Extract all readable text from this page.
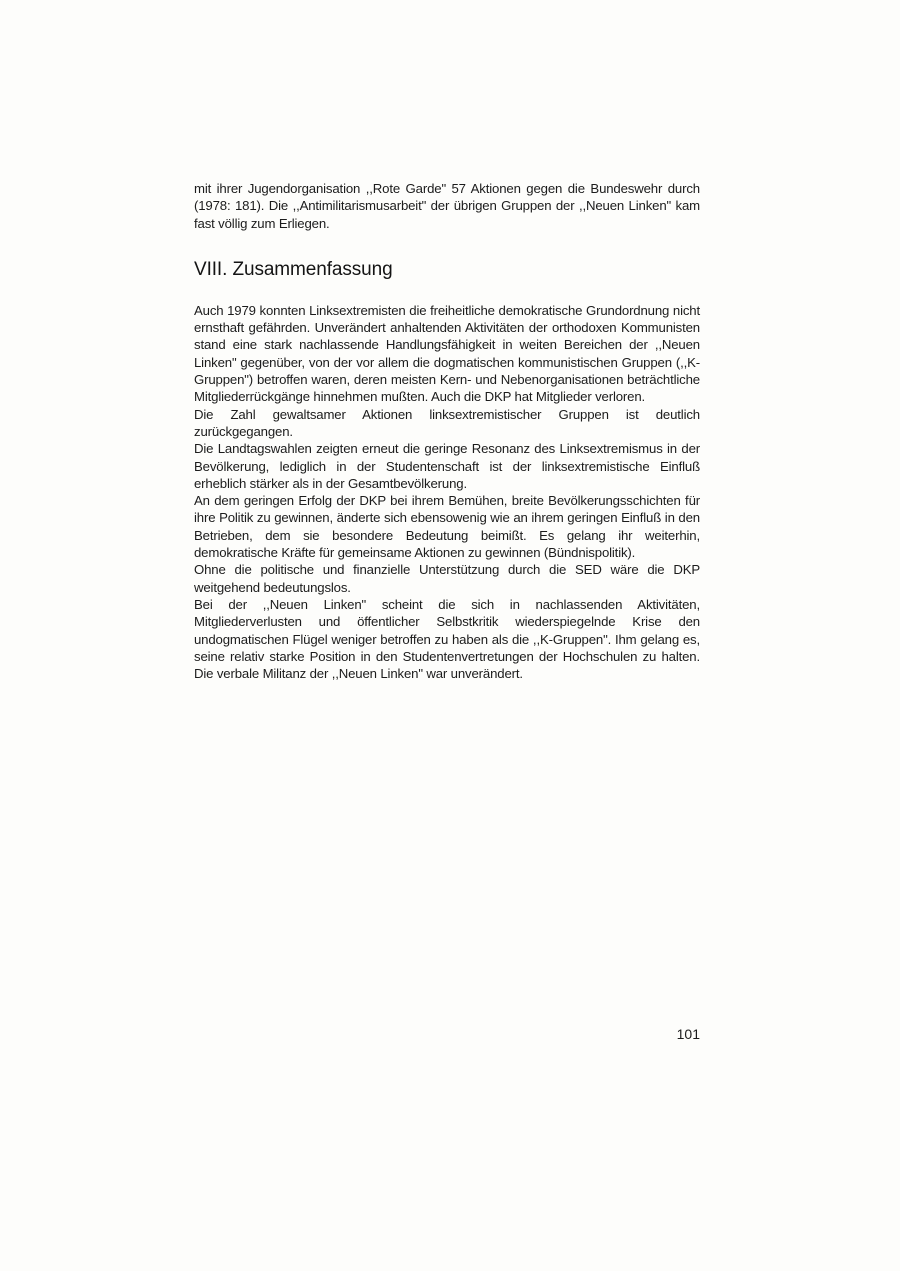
mit ihrer Jugendorganisation ,,Rote Garde" 57 Aktionen gegen die Bundeswehr durch (1978: 181). Die ,,Antimilitarismusarbeit" der übrigen Gruppen der ,,Neuen Linken" kam fast völlig zum Erliegen.

VIII. Zusammenfassung

Auch 1979 konnten Linksextremisten die freiheitliche demokratische Grundordnung nicht ernsthaft gefährden. Unverändert anhaltenden Aktivitäten der orthodoxen Kommunisten stand eine stark nachlassende Handlungsfähigkeit in weiten Bereichen der ,,Neuen Linken" gegenüber, von der vor allem die dogmatischen kommunistischen Gruppen (,,K-Gruppen") betroffen waren, deren meisten Kern- und Nebenorganisationen beträchtliche Mitgliederrückgänge hinnehmen mußten. Auch die DKP hat Mitglieder verloren.

Die Zahl gewaltsamer Aktionen linksextremistischer Gruppen ist deutlich zurückgegangen.

Die Landtagswahlen zeigten erneut die geringe Resonanz des Linksextremismus in der Bevölkerung, lediglich in der Studentenschaft ist der linksextremistische Einfluß erheblich stärker als in der Gesamtbevölkerung.

An dem geringen Erfolg der DKP bei ihrem Bemühen, breite Bevölkerungsschichten für ihre Politik zu gewinnen, änderte sich ebensowenig wie an ihrem geringen Einfluß in den Betrieben, dem sie besondere Bedeutung beimißt. Es gelang ihr weiterhin, demokratische Kräfte für gemeinsame Aktionen zu gewinnen (Bündnispolitik).

Ohne die politische und finanzielle Unterstützung durch die SED wäre die DKP weitgehend bedeutungslos.

Bei der ,,Neuen Linken" scheint die sich in nachlassenden Aktivitäten, Mitgliederverlusten und öffentlicher Selbstkritik wiederspiegelnde Krise den undogmatischen Flügel weniger betroffen zu haben als die ,,K-Gruppen". Ihm gelang es, seine relativ starke Position in den Studentenvertretungen der Hochschulen zu halten. Die verbale Militanz der ,,Neuen Linken" war unverändert.

101
